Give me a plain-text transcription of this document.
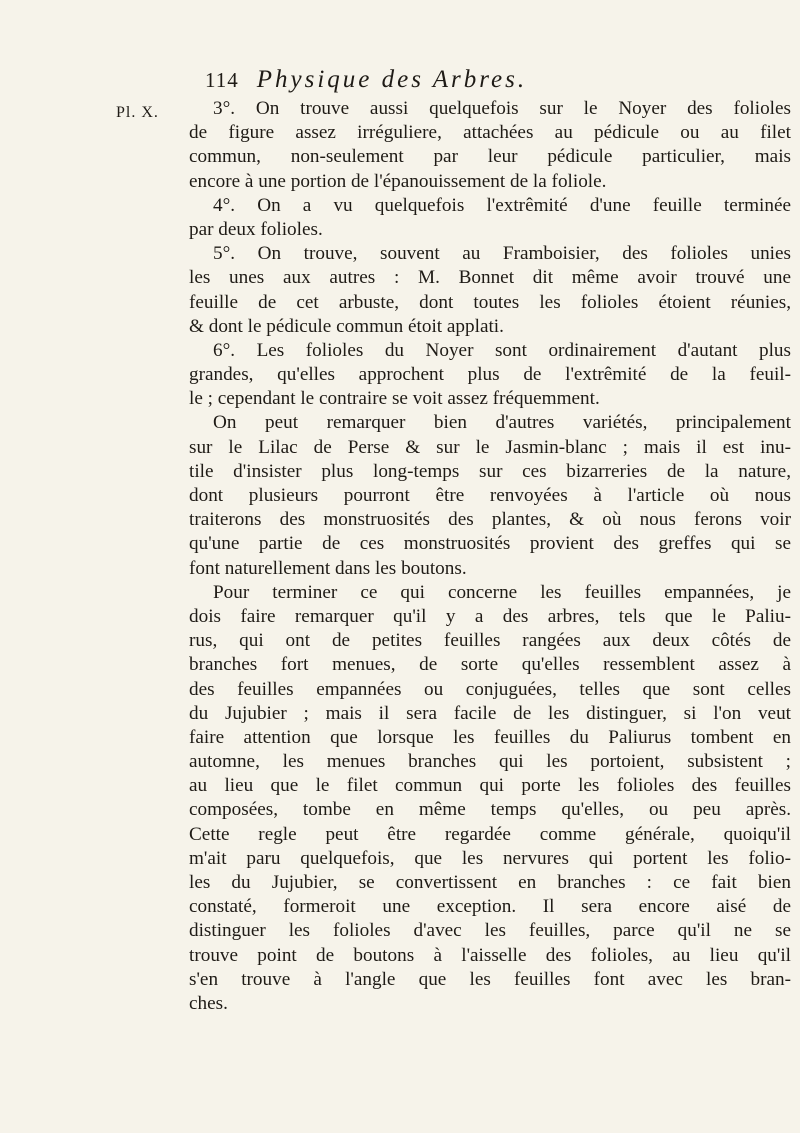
114 Physique des Arbres.
Pl. X.	3°. On trouve aussi quelquefois sur le Noyer des folioles
de figure assez irréguliere, attachées au pédicule ou au filet
commun, non-seulement par leur pédicule particulier, mais
encore à une portion de l'épanouissement de la foliole.
4°. On a vu quelquefois l'extrêmité d'une feuille terminée
par deux folioles.
5°. On trouve, souvent au Framboisier, des folioles unies
les unes aux autres : M. Bonnet dit même avoir trouvé une
feuille de cet arbuste, dont toutes les folioles étoient réunies,
& dont le pédicule commun étoit applati.
6°. Les folioles du Noyer sont ordinairement d'autant plus
grandes, qu'elles approchent plus de l'extrêmité de la feuil-
le ; cependant le contraire se voit assez fréquemment.
On peut remarquer bien d'autres variétés, principalement
sur le Lilac de Perse & sur le Jasmin-blanc ; mais il est inu-
tile d'insister plus long-temps sur ces bizarreries de la nature,
dont plusieurs pourront être renvoyées à l'article où nous
traiterons des monstruosités des plantes, & où nous ferons voir
qu'une partie de ces monstruosités provient des greffes qui se
font naturellement dans les boutons.
Pour terminer ce qui concerne les feuilles empannées, je
dois faire remarquer qu'il y a des arbres, tels que le Paliu-
rus, qui ont de petites feuilles rangées aux deux côtés de
branches fort menues, de sorte qu'elles ressemblent assez à
des feuilles empannées ou conjuguées, telles que sont celles
du Jujubier ; mais il sera facile de les distinguer, si l'on veut
faire attention que lorsque les feuilles du Paliurus tombent en
automne, les menues branches qui les portoient, subsistent ;
au lieu que le filet commun qui porte les folioles des feuilles
composées, tombe en même temps qu'elles, ou peu après.
Cette regle peut être regardée comme générale, quoiqu'il
m'ait paru quelquefois, que les nervures qui portent les folio-
les du Jujubier, se convertissent en branches : ce fait bien
constaté, formeroit une exception. Il sera encore aisé de
distinguer les folioles d'avec les feuilles, parce qu'il ne se
trouve point de boutons à l'aisselle des folioles, au lieu qu'il
s'en trouve à l'angle que les feuilles font avec les bran-
ches.
